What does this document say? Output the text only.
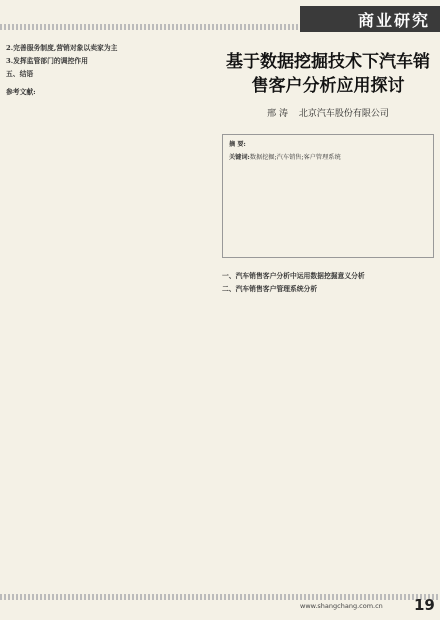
商业研究

2.完善服务制度,营销对象以卖家为主

3.发挥监管部门的调控作用

五、结语

参考文献:
基于数据挖掘技术下汽车销售客户分析应用探讨
邢 涛 北京汽车股份有限公司
摘 要:
关键词:数据挖掘;汽车销售;客户管理系统

一、汽车销售客户分析中运用数据挖掘意义分析

二、汽车销售客户管理系统分析

www.shangchang.com.cn 19
